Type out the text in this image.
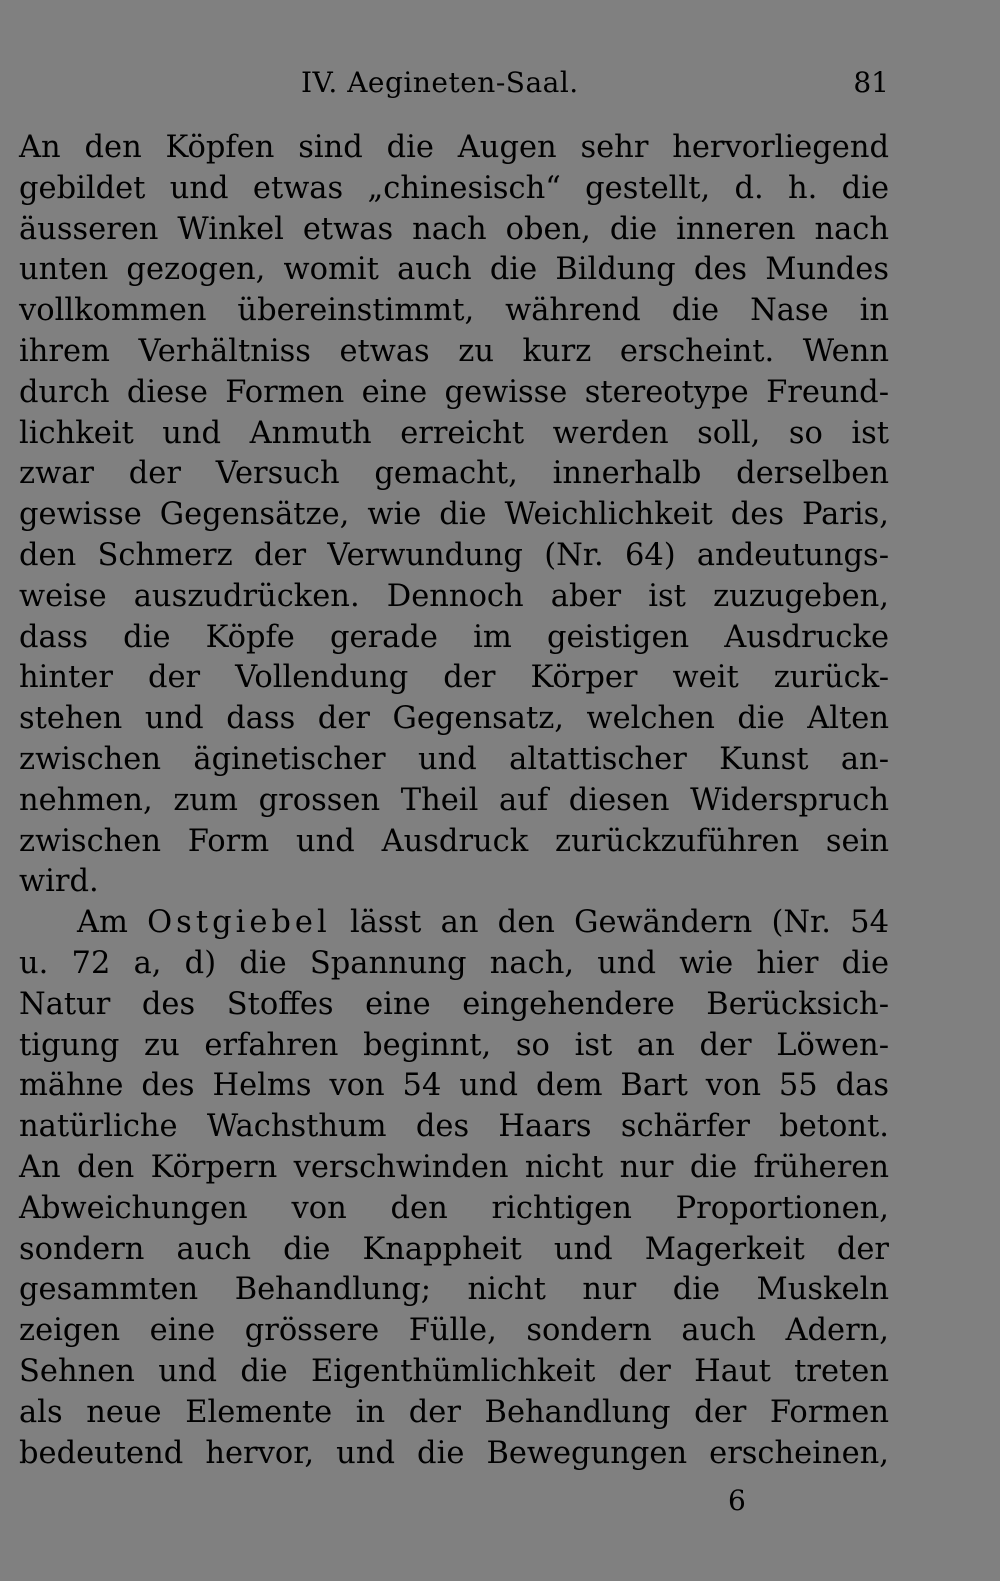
IV. Aegineten-Saal.	81
An den Köpfen sind die Augen sehr hervorliegend
gebildet und etwas „chinesisch“ gestellt, d. h. die
äusseren Winkel etwas nach oben, die inneren nach
unten gezogen, womit auch die Bildung des Mundes
vollkommen übereinstimmt, während die Nase in
ihrem Verhältniss etwas zu kurz erscheint. Wenn
durch diese Formen eine gewisse stereotype Freund-
lichkeit und Anmuth erreicht werden soll, so ist
zwar der Versuch gemacht, innerhalb derselben
gewisse Gegensätze, wie die Weichlichkeit des Paris,
den Schmerz der Verwundung (Nr. 64) andeutungs-
weise auszudrücken. Dennoch aber ist zuzugeben,
dass die Köpfe gerade im geistigen Ausdrucke
hinter der Vollendung der Körper weit zurück-
stehen und dass der Gegensatz, welchen die Alten
zwischen äginetischer und altattischer Kunst an-
nehmen, zum grossen Theil auf diesen Widerspruch
zwischen Form und Ausdruck zurückzuführen sein
wird.
Am Ostgiebel lässt an den Gewändern (Nr. 54
u. 72 a, d) die Spannung nach, und wie hier die
Natur des Stoffes eine eingehendere Berücksich-
tigung zu erfahren beginnt, so ist an der Löwen-
mähne des Helms von 54 und dem Bart von 55 das
natürliche Wachsthum des Haars schärfer betont.
An den Körpern verschwinden nicht nur die früheren
Abweichungen von den richtigen Proportionen,
sondern auch die Knappheit und Magerkeit der
gesammten Behandlung; nicht nur die Muskeln
zeigen eine grössere Fülle, sondern auch Adern,
Sehnen und die Eigenthümlichkeit der Haut treten
als neue Elemente in der Behandlung der Formen
bedeutend hervor, und die Bewegungen erscheinen,
6
